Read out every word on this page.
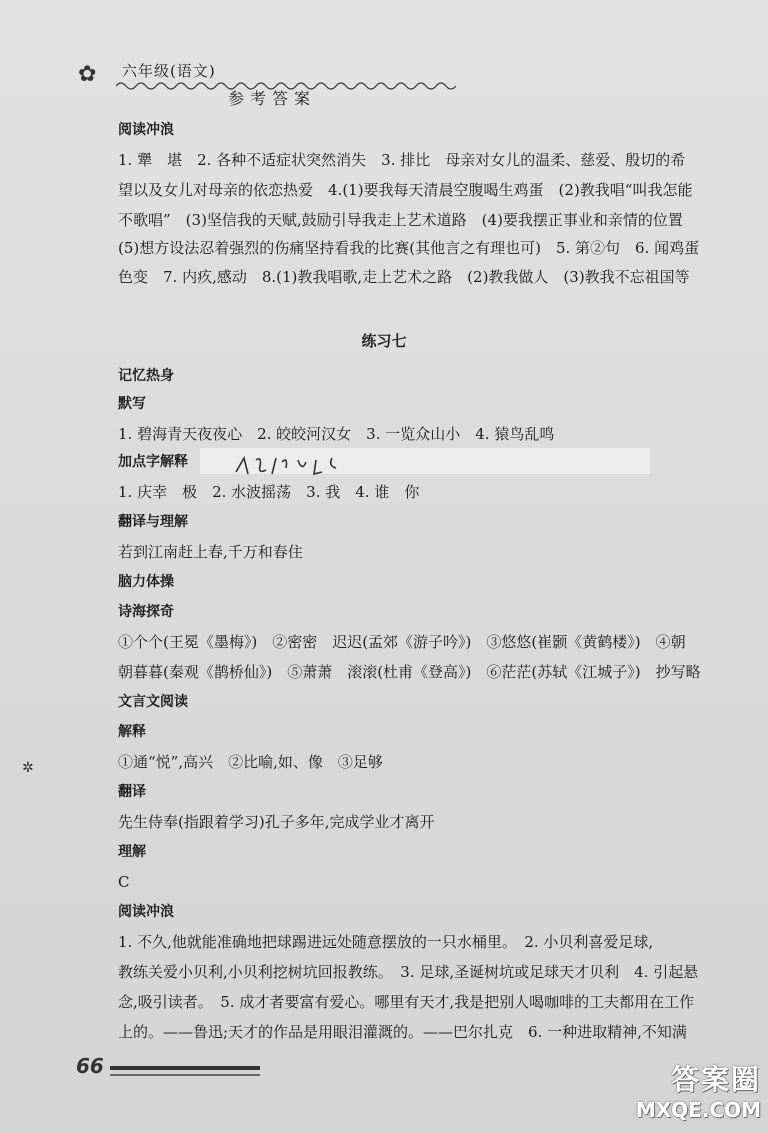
✿ 六年级(语文)
参考答案
阅读冲浪
1. 犟　堪　2. 各种不适症状突然消失　3. 排比　母亲对女儿的温柔、慈爱、殷切的希
望以及女儿对母亲的依恋热爱　4.(1)要我每天清晨空腹喝生鸡蛋　(2)教我唱“叫我怎能
不歌唱”　(3)坚信我的天赋,鼓励引导我走上艺术道路　(4)要我摆正事业和亲情的位置
(5)想方设法忍着强烈的伤痛坚持看我的比赛(其他言之有理也可)　5. 第②句　6. 闻鸡蛋
色变　7. 内疚,感动　8.(1)教我唱歌,走上艺术之路　(2)教我做人　(3)教我不忘祖国等
练习七
记忆热身
默写
1. 碧海青天夜夜心　2. 皎皎河汉女　3. 一览众山小　4. 猿鸟乱鸣
加点字解释
1. 庆幸　极　2. 水波摇荡　3. 我　4. 谁　你
翻译与理解
若到江南赶上春,千万和春住
脑力体操
诗海探奇
①个个(王冕《墨梅》)　②密密　迟迟(孟郊《游子吟》)　③悠悠(崔颢《黄鹤楼》)　④朝
朝暮暮(秦观《鹊桥仙》)　⑤萧萧　滚滚(杜甫《登高》)　⑥茫茫(苏轼《江城子》)　抄写略
文言文阅读
解释
①通“悦”,高兴　②比喻,如、像　③足够
翻译
先生侍奉(指跟着学习)孔子多年,完成学业才离开
理解
C
阅读冲浪
1. 不久,他就能准确地把球踢进远处随意摆放的一只水桶里。　2. 小贝利喜爱足球,
教练关爱小贝利,小贝利挖树坑回报教练。　3. 足球,圣诞树坑或足球天才贝利　4. 引起悬
念,吸引读者。　5. 成才者要富有爱心。哪里有天才,我是把别人喝咖啡的工夫都用在工作
上的。——鲁迅;天才的作品是用眼泪灌溉的。——巴尔扎克　6. 一种进取精神,不知满
✲
66	答案圈
MXQE.COM
